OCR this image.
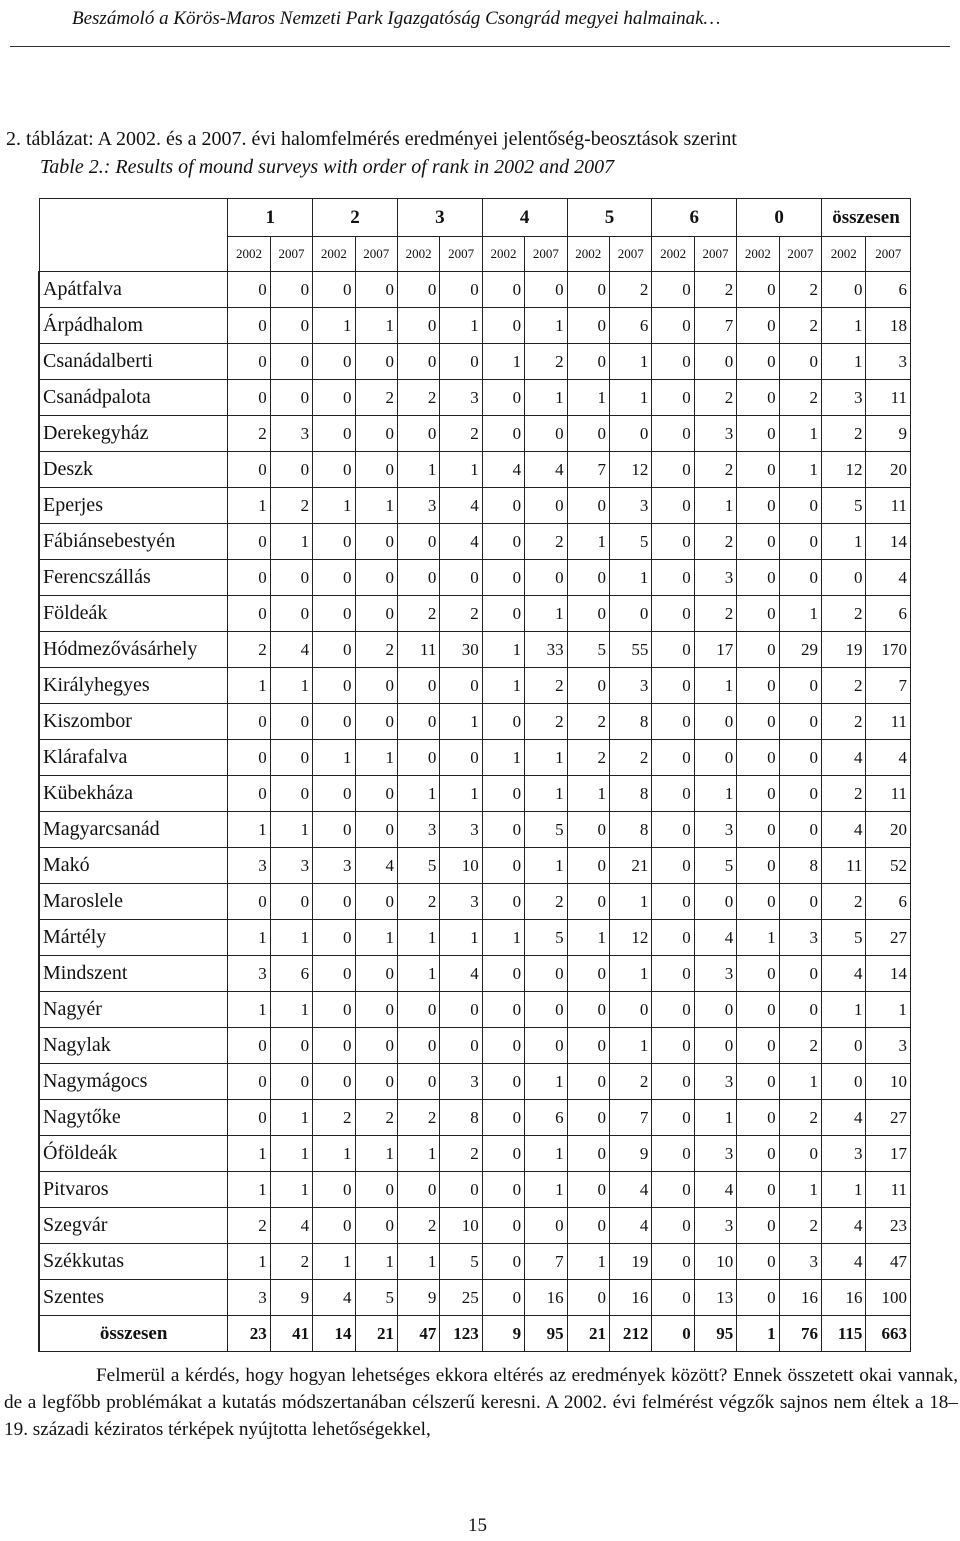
Beszámoló a Körös-Maros Nemzeti Park Igazgatóság Csongrád megyei halmainak…
2. táblázat: A 2002. és a 2007. évi halomfelmérés eredményei jelentőség-beosztások szerint
Table 2.: Results of mound surveys with order of rank in 2002 and 2007
	1		2		3		4		5		6		0		összesen	
	2002	2007	2002	2007	2002	2007	2002	2007	2002	2007	2002	2007	2002	2007	2002	2007
Apátfalva	0	0	0	0	0	0	0	0	0	2	0	2	0	2	0	6
Árpádhalom	0	0	1	1	0	1	0	1	0	6	0	7	0	2	1	18
Csanádalberti	0	0	0	0	0	0	1	2	0	1	0	0	0	0	1	3
Csanádpalota	0	0	0	2	2	3	0	1	1	1	0	2	0	2	3	11
Derekegyház	2	3	0	0	0	2	0	0	0	0	0	3	0	1	2	9
Deszk	0	0	0	0	1	1	4	4	7	12	0	2	0	1	12	20
Eperjes	1	2	1	1	3	4	0	0	0	3	0	1	0	0	5	11
Fábiánsebestyén	0	1	0	0	0	4	0	2	1	5	0	2	0	0	1	14
Ferencszállás	0	0	0	0	0	0	0	0	0	1	0	3	0	0	0	4
Földeák	0	0	0	0	2	2	0	1	0	0	0	2	0	1	2	6
Hódmezővásárhely	2	4	0	2	11	30	1	33	5	55	0	17	0	29	19	170
Királyhegyes	1	1	0	0	0	0	1	2	0	3	0	1	0	0	2	7
Kiszombor	0	0	0	0	0	1	0	2	2	8	0	0	0	0	2	11
Klárafalva	0	0	1	1	0	0	1	1	2	2	0	0	0	0	4	4
Kübekháza	0	0	0	0	1	1	0	1	1	8	0	1	0	0	2	11
Magyarcsanád	1	1	0	0	3	3	0	5	0	8	0	3	0	0	4	20
Makó	3	3	3	4	5	10	0	1	0	21	0	5	0	8	11	52
Maroslele	0	0	0	0	2	3	0	2	0	1	0	0	0	0	2	6
Mártély	1	1	0	1	1	1	1	5	1	12	0	4	1	3	5	27
Mindszent	3	6	0	0	1	4	0	0	0	1	0	3	0	0	4	14
Nagyér	1	1	0	0	0	0	0	0	0	0	0	0	0	0	1	1
Nagylak	0	0	0	0	0	0	0	0	0	1	0	0	0	2	0	3
Nagymágocs	0	0	0	0	0	3	0	1	0	2	0	3	0	1	0	10
Nagytőke	0	1	2	2	2	8	0	6	0	7	0	1	0	2	4	27
Óföldeák	1	1	1	1	1	2	0	1	0	9	0	3	0	0	3	17
Pitvaros	1	1	0	0	0	0	0	1	0	4	0	4	0	1	1	11
Szegvár	2	4	0	0	2	10	0	0	0	4	0	3	0	2	4	23
Székkutas	1	2	1	1	1	5	0	7	1	19	0	10	0	3	4	47
Szentes	3	9	4	5	9	25	0	16	0	16	0	13	0	16	16	100
összesen	23	41	14	21	47	123	9	95	21	212	0	95	1	76	115	663
Felmerül a kérdés, hogy hogyan lehetséges ekkora eltérés az eredmények között? Ennek összetett okai vannak, de a legfőbb problémákat a kutatás módszertanában célszerű keresni. A 2002. évi felmérést végzők sajnos nem éltek a 18–19. századi kéziratos térképek nyújtotta lehetőségekkel,
15
